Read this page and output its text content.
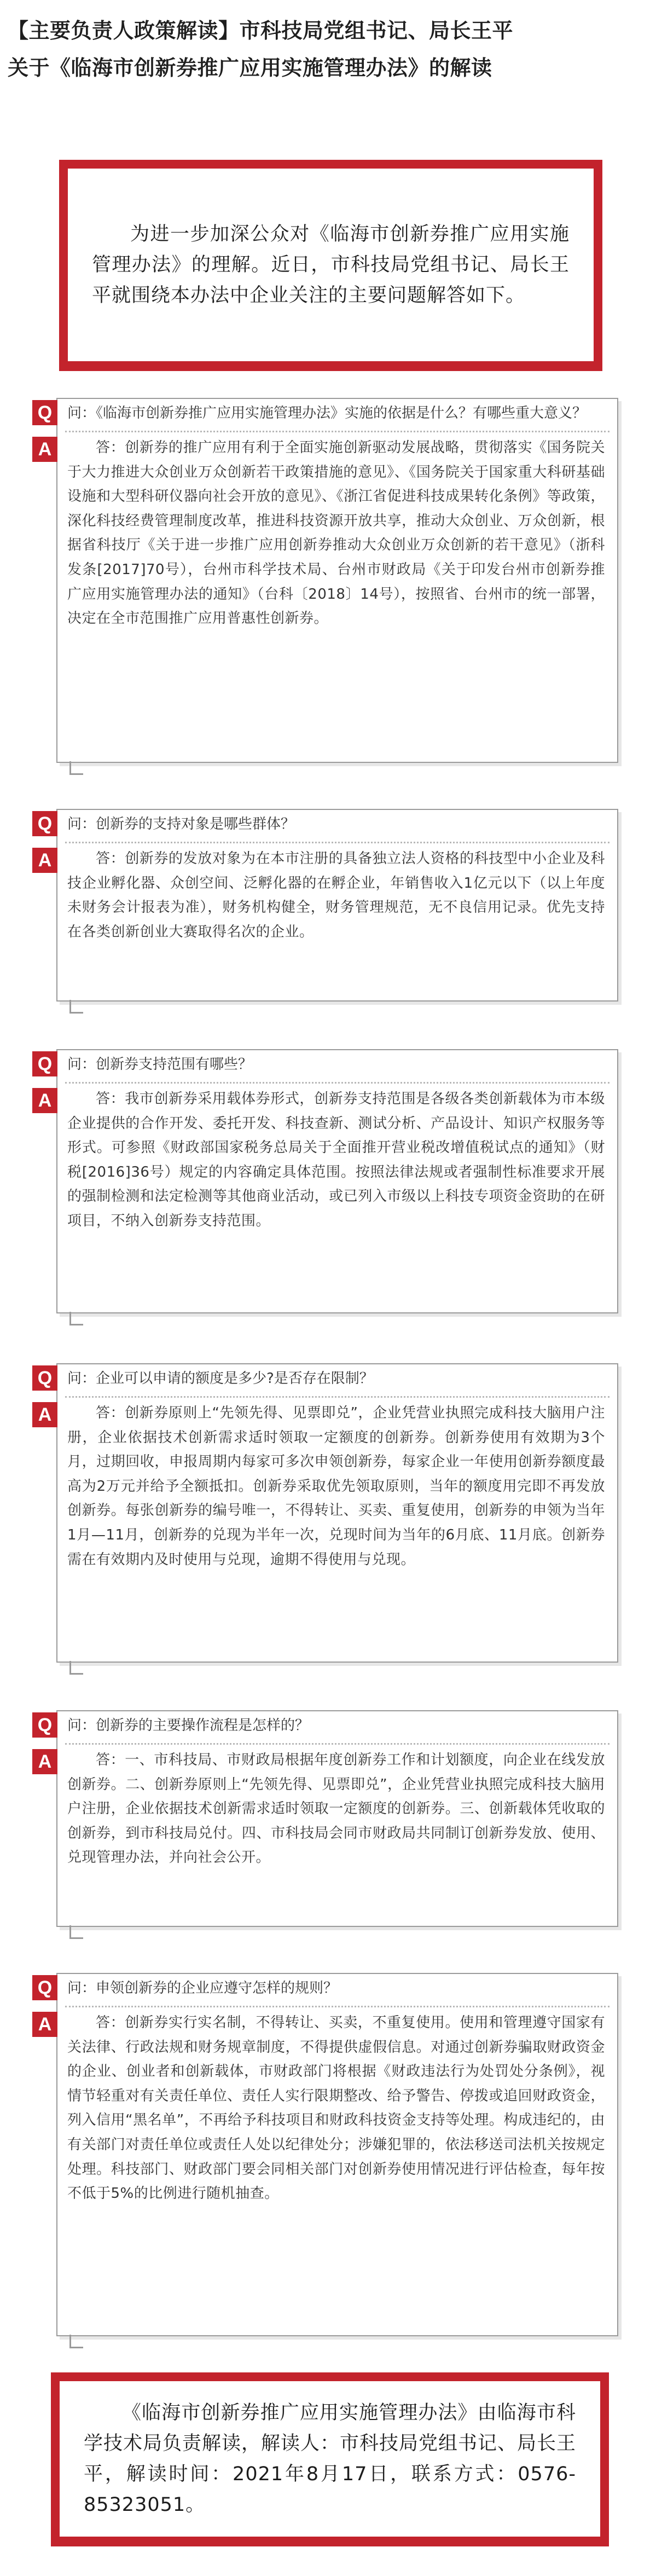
【主要负责人政策解读】市科技局党组书记、局长王平
关于《临海市创新券推广应用实施管理办法》的解读

为进一步加深公众对《临海市创新券推广应用实施管理办法》的理解。近日，市科技局党组书记、局长王平就围绕本办法中企业关注的主要问题解答如下。

Q	问：《临海市创新券推广应用实施管理办法》实施的依据是什么？有哪些重大意义？

A	答：创新券的推广应用有利于全面实施创新驱动发展战略，贯彻落实《国务院关于大力推进大众创业万众创新若干政策措施的意见》、《国务院关于国家重大科研基础设施和大型科研仪器向社会开放的意见》、《浙江省促进科技成果转化条例》等政策，深化科技经费管理制度改革，推进科技资源开放共享，推动大众创业、万众创新，根据省科技厅《关于进一步推广应用创新券推动大众创业万众创新的若干意见》（浙科发条[2017]70号），台州市科学技术局、台州市财政局《关于印发台州市创新券推广应用实施管理办法的通知》（台科〔2018〕14号），按照省、台州市的统一部署，决定在全市范围推广应用普惠性创新券。

Q	问：创新券的支持对象是哪些群体？

A	答：创新券的发放对象为在本市注册的具备独立法人资格的科技型中小企业及科技企业孵化器、众创空间、泛孵化器的在孵企业，年销售收入1亿元以下（以上年度未财务会计报表为准），财务机构健全，财务管理规范，无不良信用记录。优先支持在各类创新创业大赛取得名次的企业。

Q	问：创新券支持范围有哪些？

A	答：我市创新券采用载体券形式，创新券支持范围是各级各类创新载体为市本级企业提供的合作开发、委托开发、科技查新、测试分析、产品设计、知识产权服务等形式。可参照《财政部国家税务总局关于全面推开营业税改增值税试点的通知》（财税[2016]36号）规定的内容确定具体范围。按照法律法规或者强制性标准要求开展的强制检测和法定检测等其他商业活动，或已列入市级以上科技专项资金资助的在研项目，不纳入创新券支持范围。

Q	问：企业可以申请的额度是多少?是否存在限制？

A	答：创新券原则上“先领先得、见票即兑”，企业凭营业执照完成科技大脑用户注册，企业依据技术创新需求适时领取一定额度的创新券。创新券使用有效期为3个月，过期回收，申报周期内每家可多次申领创新券，每家企业一年使用创新券额度最高为2万元并给予全额抵扣。创新券采取优先领取原则，当年的额度用完即不再发放创新券。每张创新券的编号唯一，不得转让、买卖、重复使用，创新券的申领为当年1月—11月，创新券的兑现为半年一次，兑现时间为当年的6月底、11月底。创新券需在有效期内及时使用与兑现，逾期不得使用与兑现。

Q	问：创新券的主要操作流程是怎样的？

A	答：一、市科技局、市财政局根据年度创新券工作和计划额度，向企业在线发放创新券。二、创新券原则上“先领先得、见票即兑”，企业凭营业执照完成科技大脑用户注册，企业依据技术创新需求适时领取一定额度的创新券。三、创新载体凭收取的创新券，到市科技局兑付。四、市科技局会同市财政局共同制订创新券发放、使用、兑现管理办法，并向社会公开。

Q	问：申领创新券的企业应遵守怎样的规则？

A	答：创新券实行实名制，不得转让、买卖，不重复使用。使用和管理遵守国家有关法律、行政法规和财务规章制度，不得提供虚假信息。对通过创新券骗取财政资金的企业、创业者和创新载体，市财政部门将根据《财政违法行为处罚处分条例》，视情节轻重对有关责任单位、责任人实行限期整改、给予警告、停拨或追回财政资金，列入信用“黑名单”，不再给予科技项目和财政科技资金支持等处理。构成违纪的，由有关部门对责任单位或责任人处以纪律处分；涉嫌犯罪的，依法移送司法机关按规定处理。科技部门、财政部门要会同相关部门对创新券使用情况进行评估检查，每年按不低于5%的比例进行随机抽查。

《临海市创新券推广应用实施管理办法》由临海市科学技术局负责解读，解读人：市科技局党组书记、局长王平，解读时间：2021年8月17日，联系方式：0576-85323051。
